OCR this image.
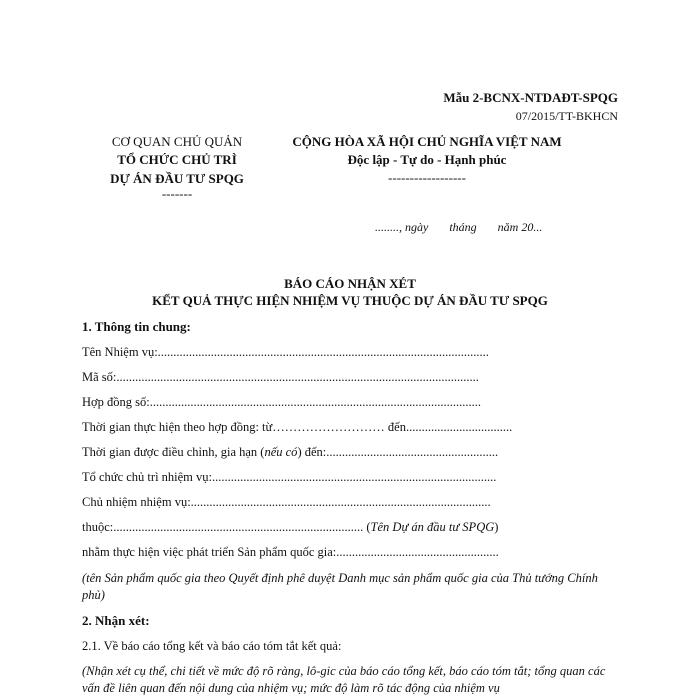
Mẫu 2-BCNX-NTDAĐT-SPQG
07/2015/TT-BKHCN
CƠ QUAN CHỦ QUẢN
TỔ CHỨC CHỦ TRÌ
DỰ ÁN ĐẦU TƯ SPQG
-------
CỘNG HÒA XÃ HỘI CHỦ NGHĨA VIỆT NAM
Độc lập - Tự do - Hạnh phúc
------------------
........, ngày       tháng       năm 20...
BÁO CÁO NHẬN XÉT
KẾT QUẢ THỰC HIỆN NHIỆM VỤ THUỘC DỰ ÁN ĐẦU TƯ SPQG
1. Thông tin chung:
Tên Nhiệm vụ:..........................................................................................................
Mã số:....................................................................................................................
Hợp đồng số:..........................................................................................................
Thời gian thực hiện theo hợp đồng: từ……………………… đến..................................
Thời gian được điều chỉnh, gia hạn (nếu có) đến:.......................................................
Tổ chức chủ trì nhiệm vụ:...........................................................................................
Chủ nhiệm nhiệm vụ:................................................................................................
thuộc:................................................................................ (Tên Dự án đầu tư SPQG)
nhằm thực hiện việc phát triển Sản phẩm quốc gia:....................................................
(tên Sản phẩm quốc gia theo Quyết định phê duyệt Danh mục sản phẩm quốc gia của Thủ tướng Chính phủ)
2. Nhận xét:
2.1. Về báo cáo tổng kết và báo cáo tóm tắt kết quả:
(Nhận xét cụ thể, chi tiết về mức độ rõ ràng, lô-gic của báo cáo tổng kết, báo cáo tóm tắt; tổng quan các vấn đề liên quan đến nội dung của nhiệm vụ; mức độ làm rõ tác động của nhiệm vụ
